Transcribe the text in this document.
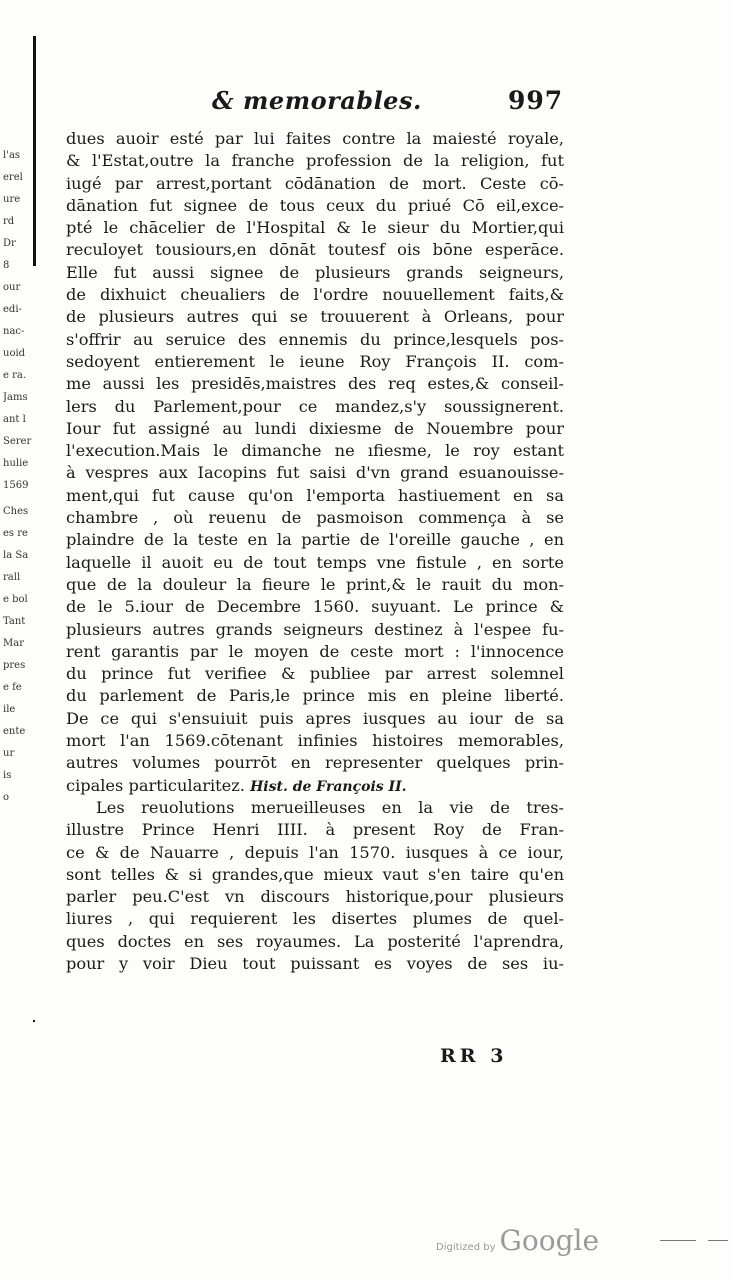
l'as
erel
ure
rd
Dr
8
our
edi-
nac-
uoid
e ra.
Jams
ant l
Serer
hulie
1569
Ches
es re
la Sa
rall
e bol
Tant
Mar
pres
e fe
ile
ente
ur
is
o
& memorables.	997
dues auoir esté par lui faites contre la maiesté royale,
& l'Estat,outre la franche profession de la religion, fut
iugé par arrest,portant cōdānation de mort. Ceste cō-
dānation fut signee de tous ceux du priué Cō eil,excе-
pté le chācelier de l'Hospital & le sieur du Mortier,qui
reculoyet tousiours,en dōnāt toutesf ois bōne esperāce.
Elle fut aussi signee de plusieurs grands seigneurs,
de dixhuict cheualiers de l'ordre nouuellement faits,&
de plusieurs autres qui se trouuerent à Orleans, pour
s'offrir au seruice des ennemis du prince,lesquels pos-
sedoyent entierement le ieune Roy François II. com-
me aussi les presidēs,maistres des req estes,& conseil-
lers du Parlement,pour ce mandez,s'y soussignerent.
Iour fut assigné au lundi dixiesme de Nouembre pour
l'execution.Mais le dimanche ne ıfiesme, le roy estant
à vespres aux Iacopins fut saisi d'vn grand esuanouisse-
ment,qui fut cause qu'on l'emporta hastiuement en sa
chambre , où reuenu de pasmoison commença à se
plaindre de la teste en la partie de l'oreille gauche , en
laquelle il auoit eu de tout temps vne fistule , en sorte
que de la douleur la fieure le print,& le rauit du mon-
de le 5.iour de Decembre 1560. suyuant. Le prince &
plusieurs autres grands seigneurs destinez à l'espee fu-
rent garantis par le moyen de ceste mort : l'innocence
du prince fut verifiee & publiee par arrest solemnel
du parlement de Paris,le prince mis en pleine liberté.
De ce qui s'ensuiuit puis apres iusques au iour de sa
mort l'an 1569.cōtenant infinies histoires memorables,
autres volumes pourrōt en representer quelques prin-
cipales particularitez. Hist. de François II.
Les reuolutions merueilleuses en la vie de tres-
illustre Prince Henri IIII. à present Roy de Fran-
ce & de Nauarre , depuis l'an 1570. iusques à ce iour,
sont telles & si grandes,que mieux vaut s'en taire qu'en
parler peu.C'est vn discours historique,pour plusieurs
liures , qui requierent les disertes plumes de quel-
ques doctes en ses royaumes. La posterité l'aprendra,
pour y voir Dieu tout puissant es voyes de ses iu-
RR 3
Digitized by Google
